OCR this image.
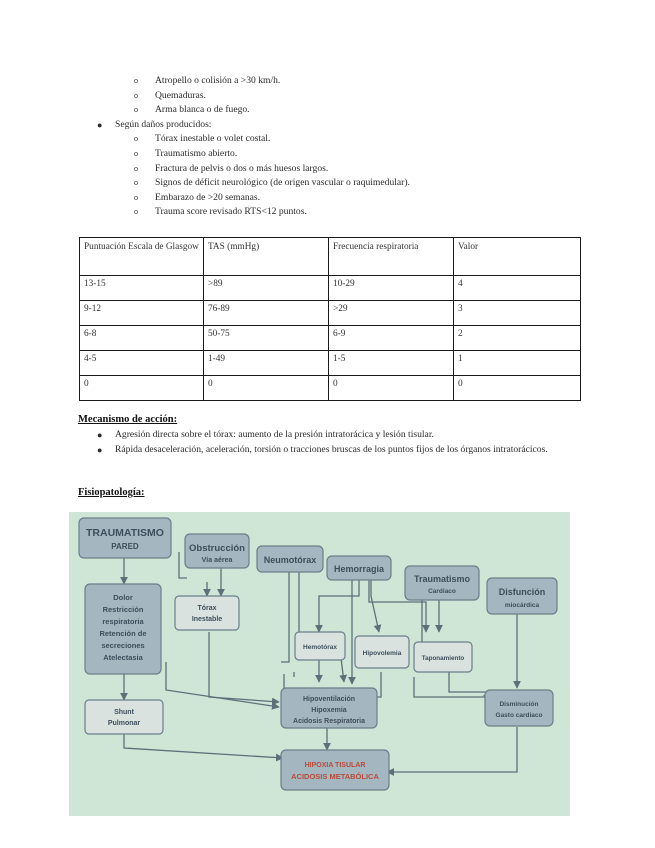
o Atropello o colisión a >30 km/h.
o Quemaduras.
o Arma blanca o de fuego.
● Según daños producidos:
o Tórax inestable o volet costal.
o Traumatismo abierto.
o Fractura de pelvis o dos o más huesos largos.
o Signos de déficit neurológico (de origen vascular o raquimedular).
o Embarazo de >20 semanas.
o Trauma score revisado RTS<12 puntos.
Puntuación Escala de Glasgow	TAS (mmHg)	Frecuencia respiratoria	Valor
13-15	>89	10-29	4
9-12	76-89	>29	3
6-8	50-75	6-9	2
4-5	1-49	1-5	1
0	0	0	0
Mecanismo de acción:
● Agresión directa sobre el tórax: aumento de la presión intratorácica y lesión tisular.
● Rápida desaceleración, aceleración, torsión o tracciones bruscas de los puntos fijos de los órganos intratorácicos.
Fisiopatología:
TRAUMATISMO
PARED	Obstrucción
Vía aérea	Neumotórax
Hemorragia
Traumatismo
Cardiaco	Disfunción
miocárdica
Dolor
Restricción
respiratoria
Retención de
secreciones
Atelectasia
Tórax
Inestable
Hemotórax
Hipovolemia
Taponamiento
Shunt
Pulmonar
Hipoventilación
Hipoxemia
Acidosis Respiratoria
Disminución
Gasto cardiaco
HIPOXIA TISULAR
ACIDOSIS METABÓLICA
